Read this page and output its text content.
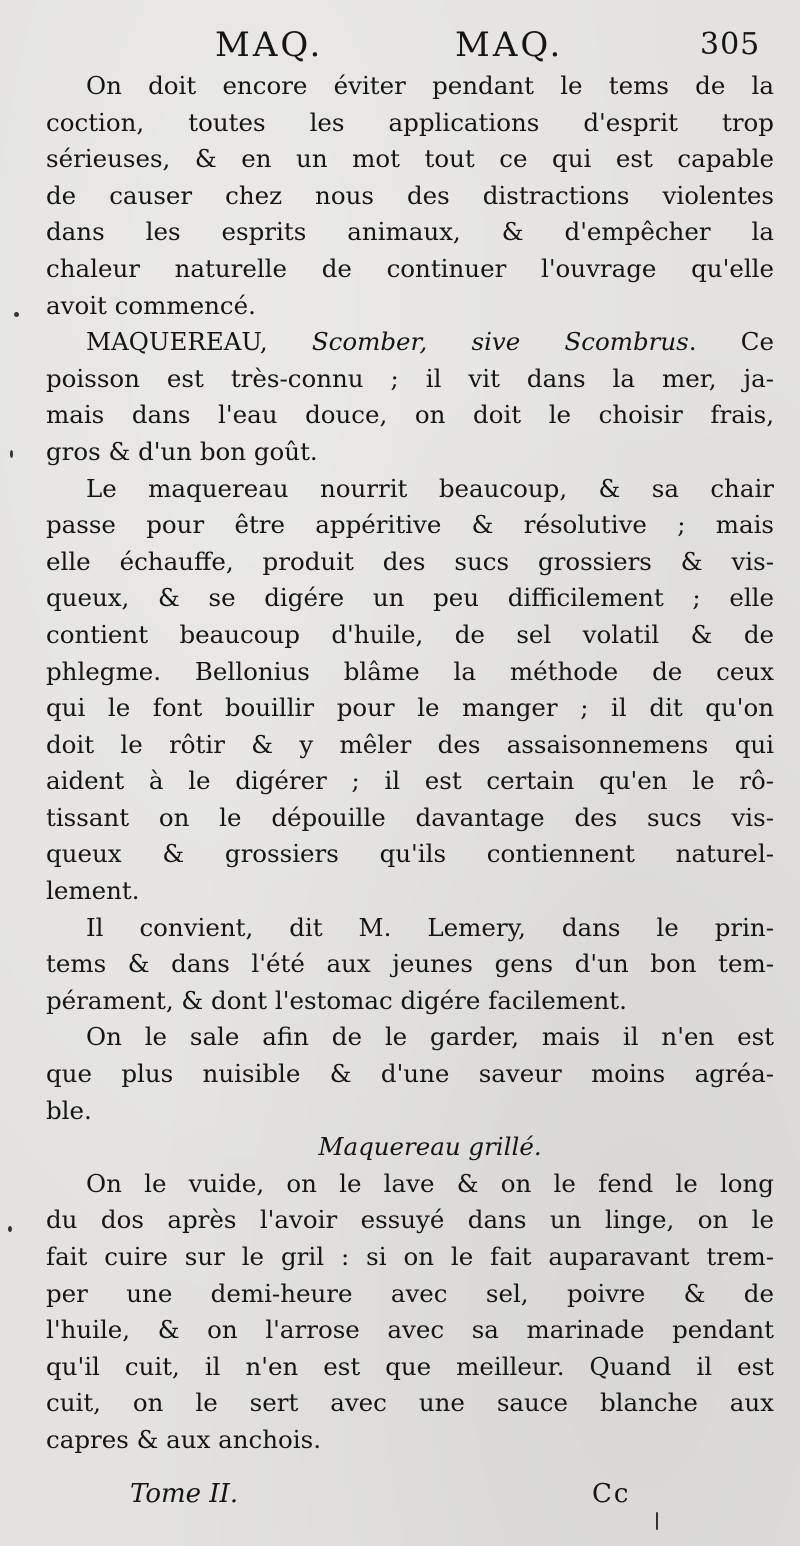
MAQ.	MAQ.	305
On doit encore éviter pendant le tems de la
coction, toutes les applications d'esprit trop
sérieuses, & en un mot tout ce qui est capable
de causer chez nous des distractions violentes
dans les esprits animaux, & d'empêcher la
chaleur naturelle de continuer l'ouvrage qu'elle
avoit commencé.
MAQUEREAU, Scomber, sive Scombrus. Ce
poisson est très-connu ; il vit dans la mer, ja-
mais dans l'eau douce, on doit le choisir frais,
gros & d'un bon goût.
Le maquereau nourrit beaucoup, & sa chair
passe pour être appéritive & résolutive ; mais
elle échauffe, produit des sucs grossiers & vis-
queux, & se digére un peu difficilement ; elle
contient beaucoup d'huile, de sel volatil & de
phlegme. Bellonius blâme la méthode de ceux
qui le font bouillir pour le manger ; il dit qu'on
doit le rôtir & y mêler des assaisonnemens qui
aident à le digérer ; il est certain qu'en le rô-
tissant on le dépouille davantage des sucs vis-
queux & grossiers qu'ils contiennent naturel-
lement.
Il convient, dit M. Lemery, dans le prin-
tems & dans l'été aux jeunes gens d'un bon tem-
pérament, & dont l'estomac digére facilement.
On le sale afin de le garder, mais il n'en est
que plus nuisible & d'une saveur moins agréa-
ble.
Maquereau grillé.
On le vuide, on le lave & on le fend le long
du dos après l'avoir essuyé dans un linge, on le
fait cuire sur le gril : si on le fait auparavant trem-
per une demi-heure avec sel, poivre & de
l'huile, & on l'arrose avec sa marinade pendant
qu'il cuit, il n'en est que meilleur. Quand il est
cuit, on le sert avec une sauce blanche aux
capres & aux anchois.
Tome II.	Cc
